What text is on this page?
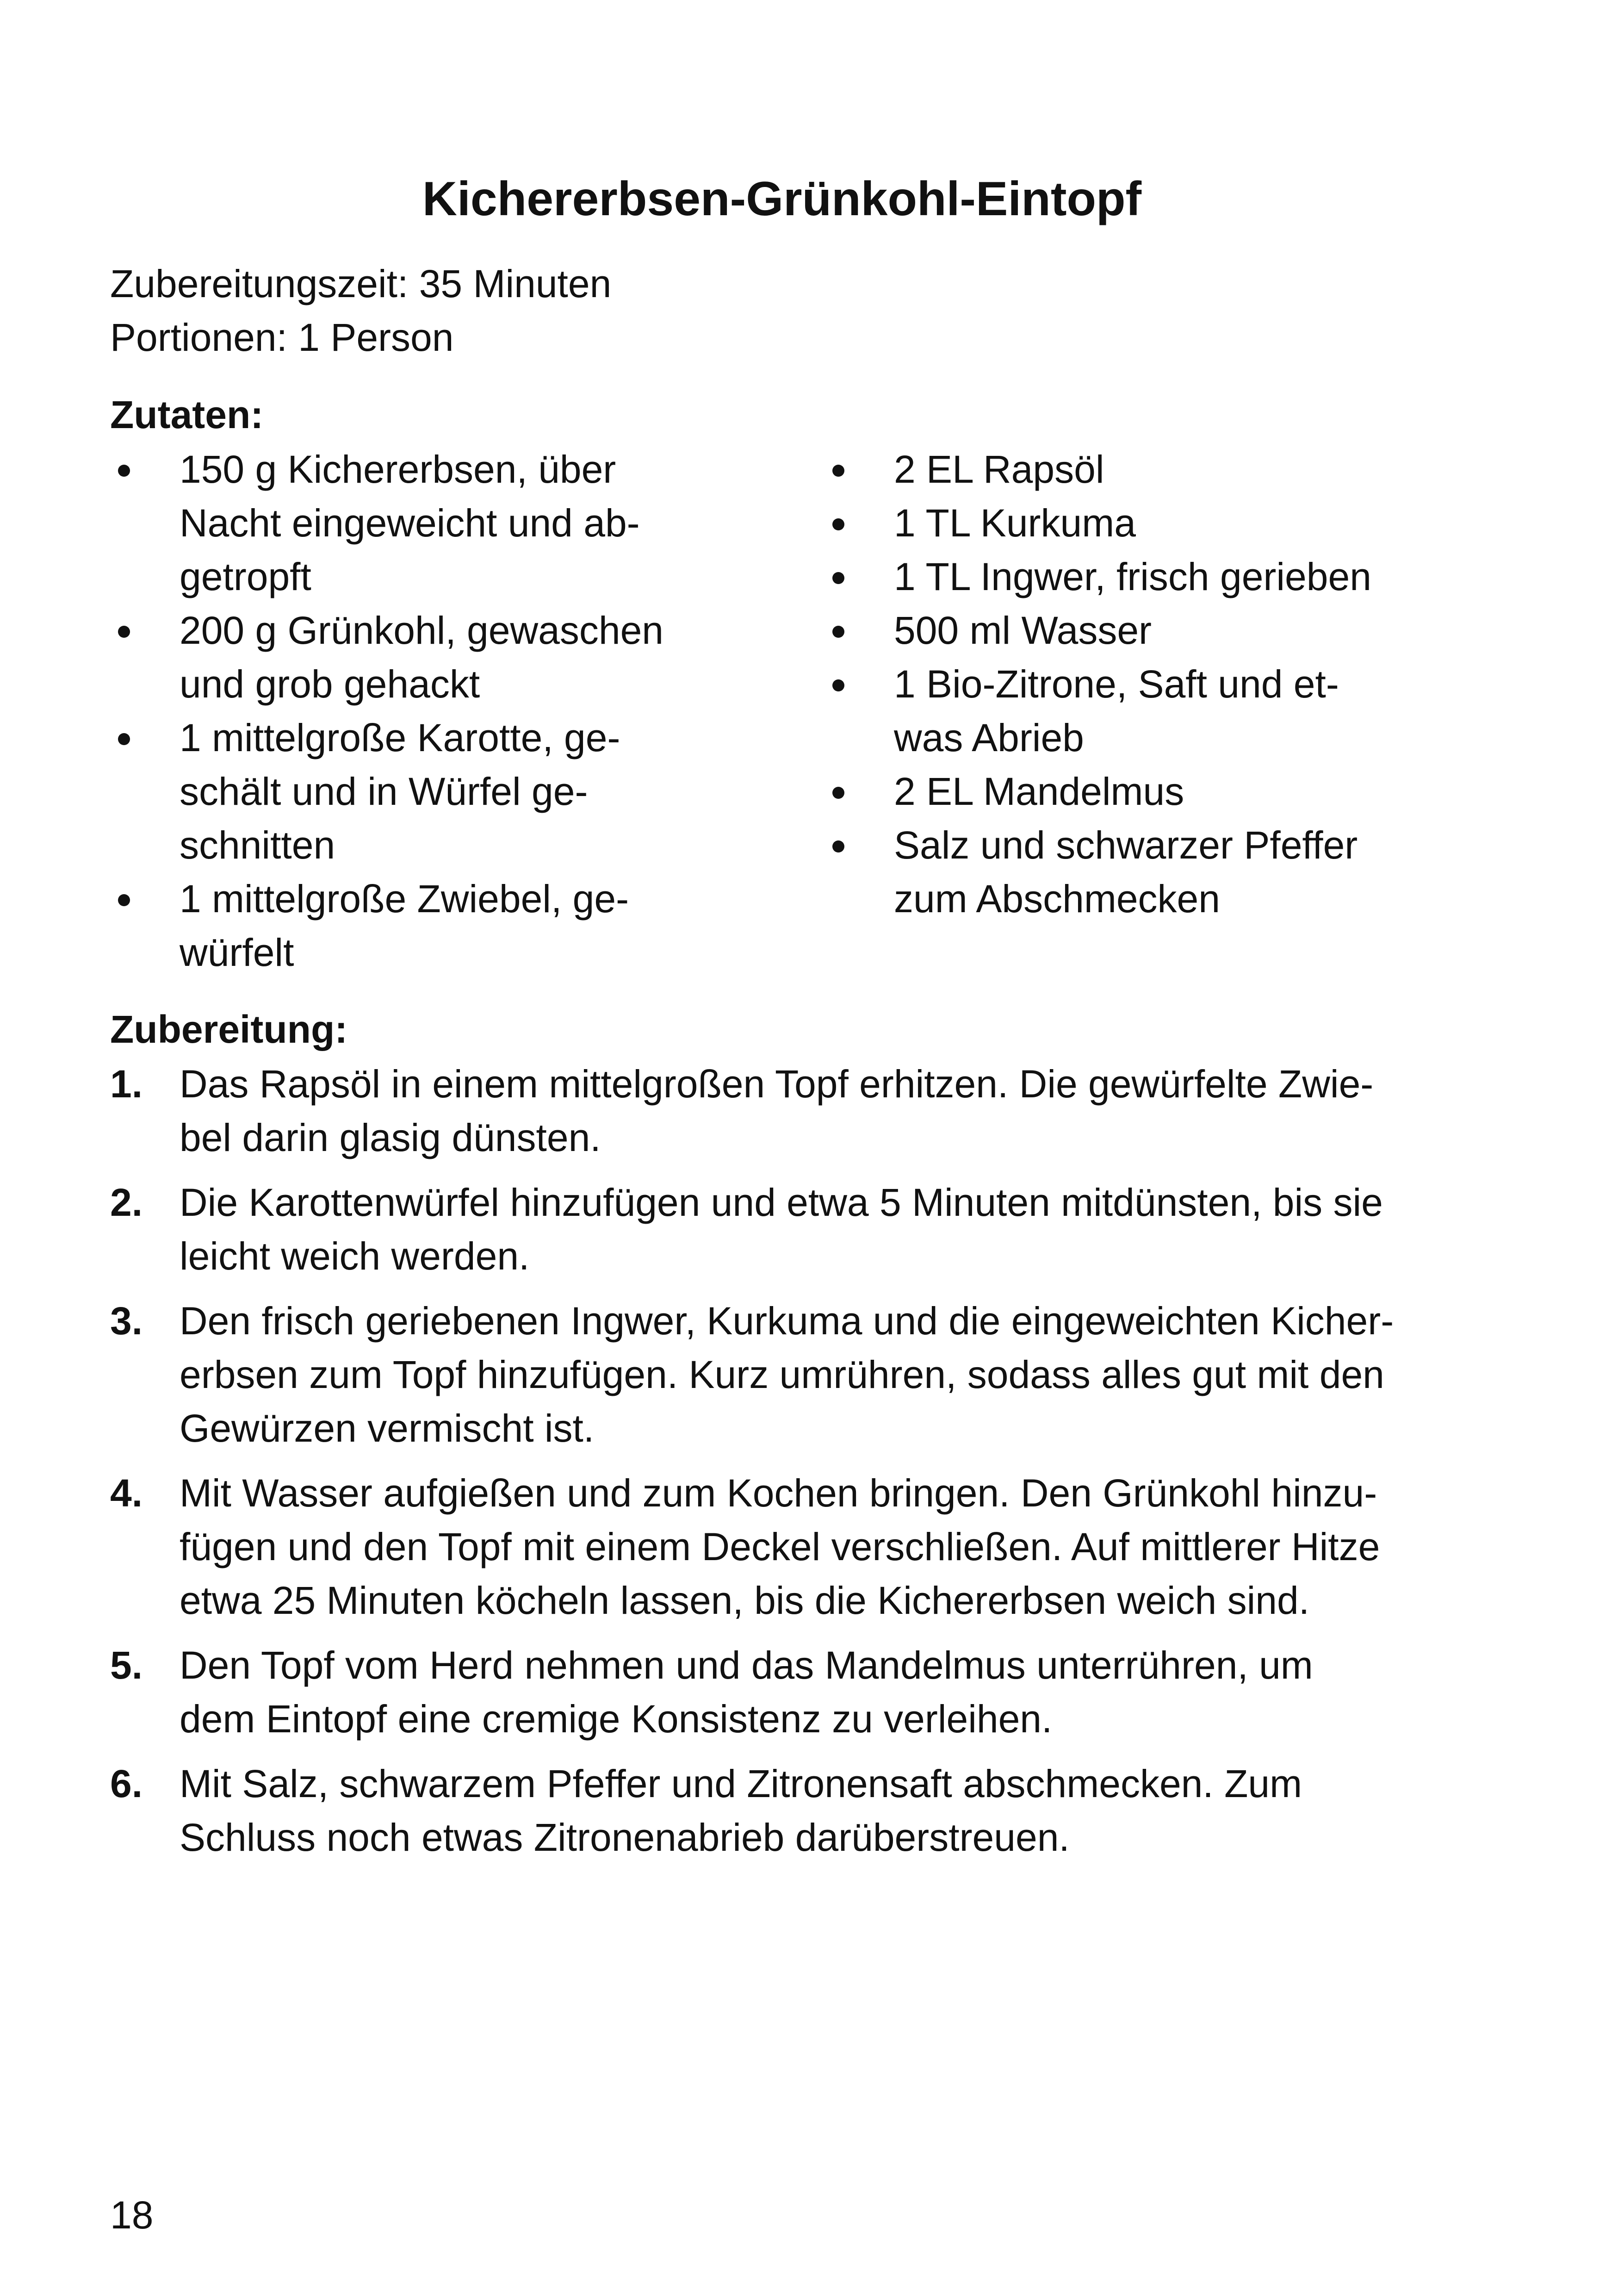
Kichererbsen-Grünkohl-Eintopf
Zubereitungszeit: 35 Minuten
Portionen: 1 Person
Zutaten:
150 g Kichererbsen, über
Nacht eingeweicht und ab-
getropft
200 g Grünkohl, gewaschen
und grob gehackt
1 mittelgroße Karotte, ge-
schält und in Würfel ge-
schnitten
1 mittelgroße Zwiebel, ge-
würfelt
2 EL Rapsöl
1 TL Kurkuma
1 TL Ingwer, frisch gerieben
500 ml Wasser
1 Bio-Zitrone, Saft und et-
was Abrieb
2 EL Mandelmus
Salz und schwarzer Pfeffer
zum Abschmecken
Zubereitung:
1. Das Rapsöl in einem mittelgroßen Topf erhitzen. Die gewürfelte Zwie-
bel darin glasig dünsten.
2. Die Karottenwürfel hinzufügen und etwa 5 Minuten mitdünsten, bis sie
leicht weich werden.
3. Den frisch geriebenen Ingwer, Kurkuma und die eingeweichten Kicher-
erbsen zum Topf hinzufügen. Kurz umrühren, sodass alles gut mit den
Gewürzen vermischt ist.
4. Mit Wasser aufgießen und zum Kochen bringen. Den Grünkohl hinzu-
fügen und den Topf mit einem Deckel verschließen. Auf mittlerer Hitze
etwa 25 Minuten köcheln lassen, bis die Kichererbsen weich sind.
5. Den Topf vom Herd nehmen und das Mandelmus unterrühren, um
dem Eintopf eine cremige Konsistenz zu verleihen.
6. Mit Salz, schwarzem Pfeffer und Zitronensaft abschmecken. Zum
Schluss noch etwas Zitronenabrieb darüberstreuen.
18
